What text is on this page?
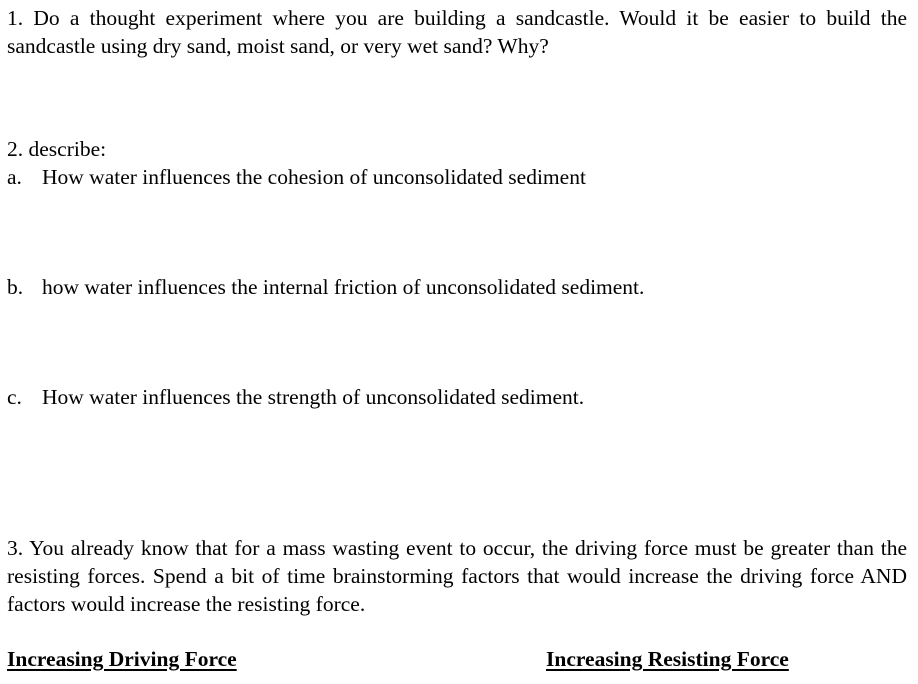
1. Do a thought experiment where you are building a sandcastle. Would it be easier to build the sandcastle using dry sand, moist sand, or very wet sand? Why?

2. describe:

a. How water influences the cohesion of unconsolidated sediment

b. how water influences the internal friction of unconsolidated sediment.

c. How water influences the strength of unconsolidated sediment.

3. You already know that for a mass wasting event to occur, the driving force must be greater than the resisting forces. Spend a bit of time brainstorming factors that would increase the driving force AND factors would increase the resisting force.

Increasing Driving Force	Increasing Resisting Force
